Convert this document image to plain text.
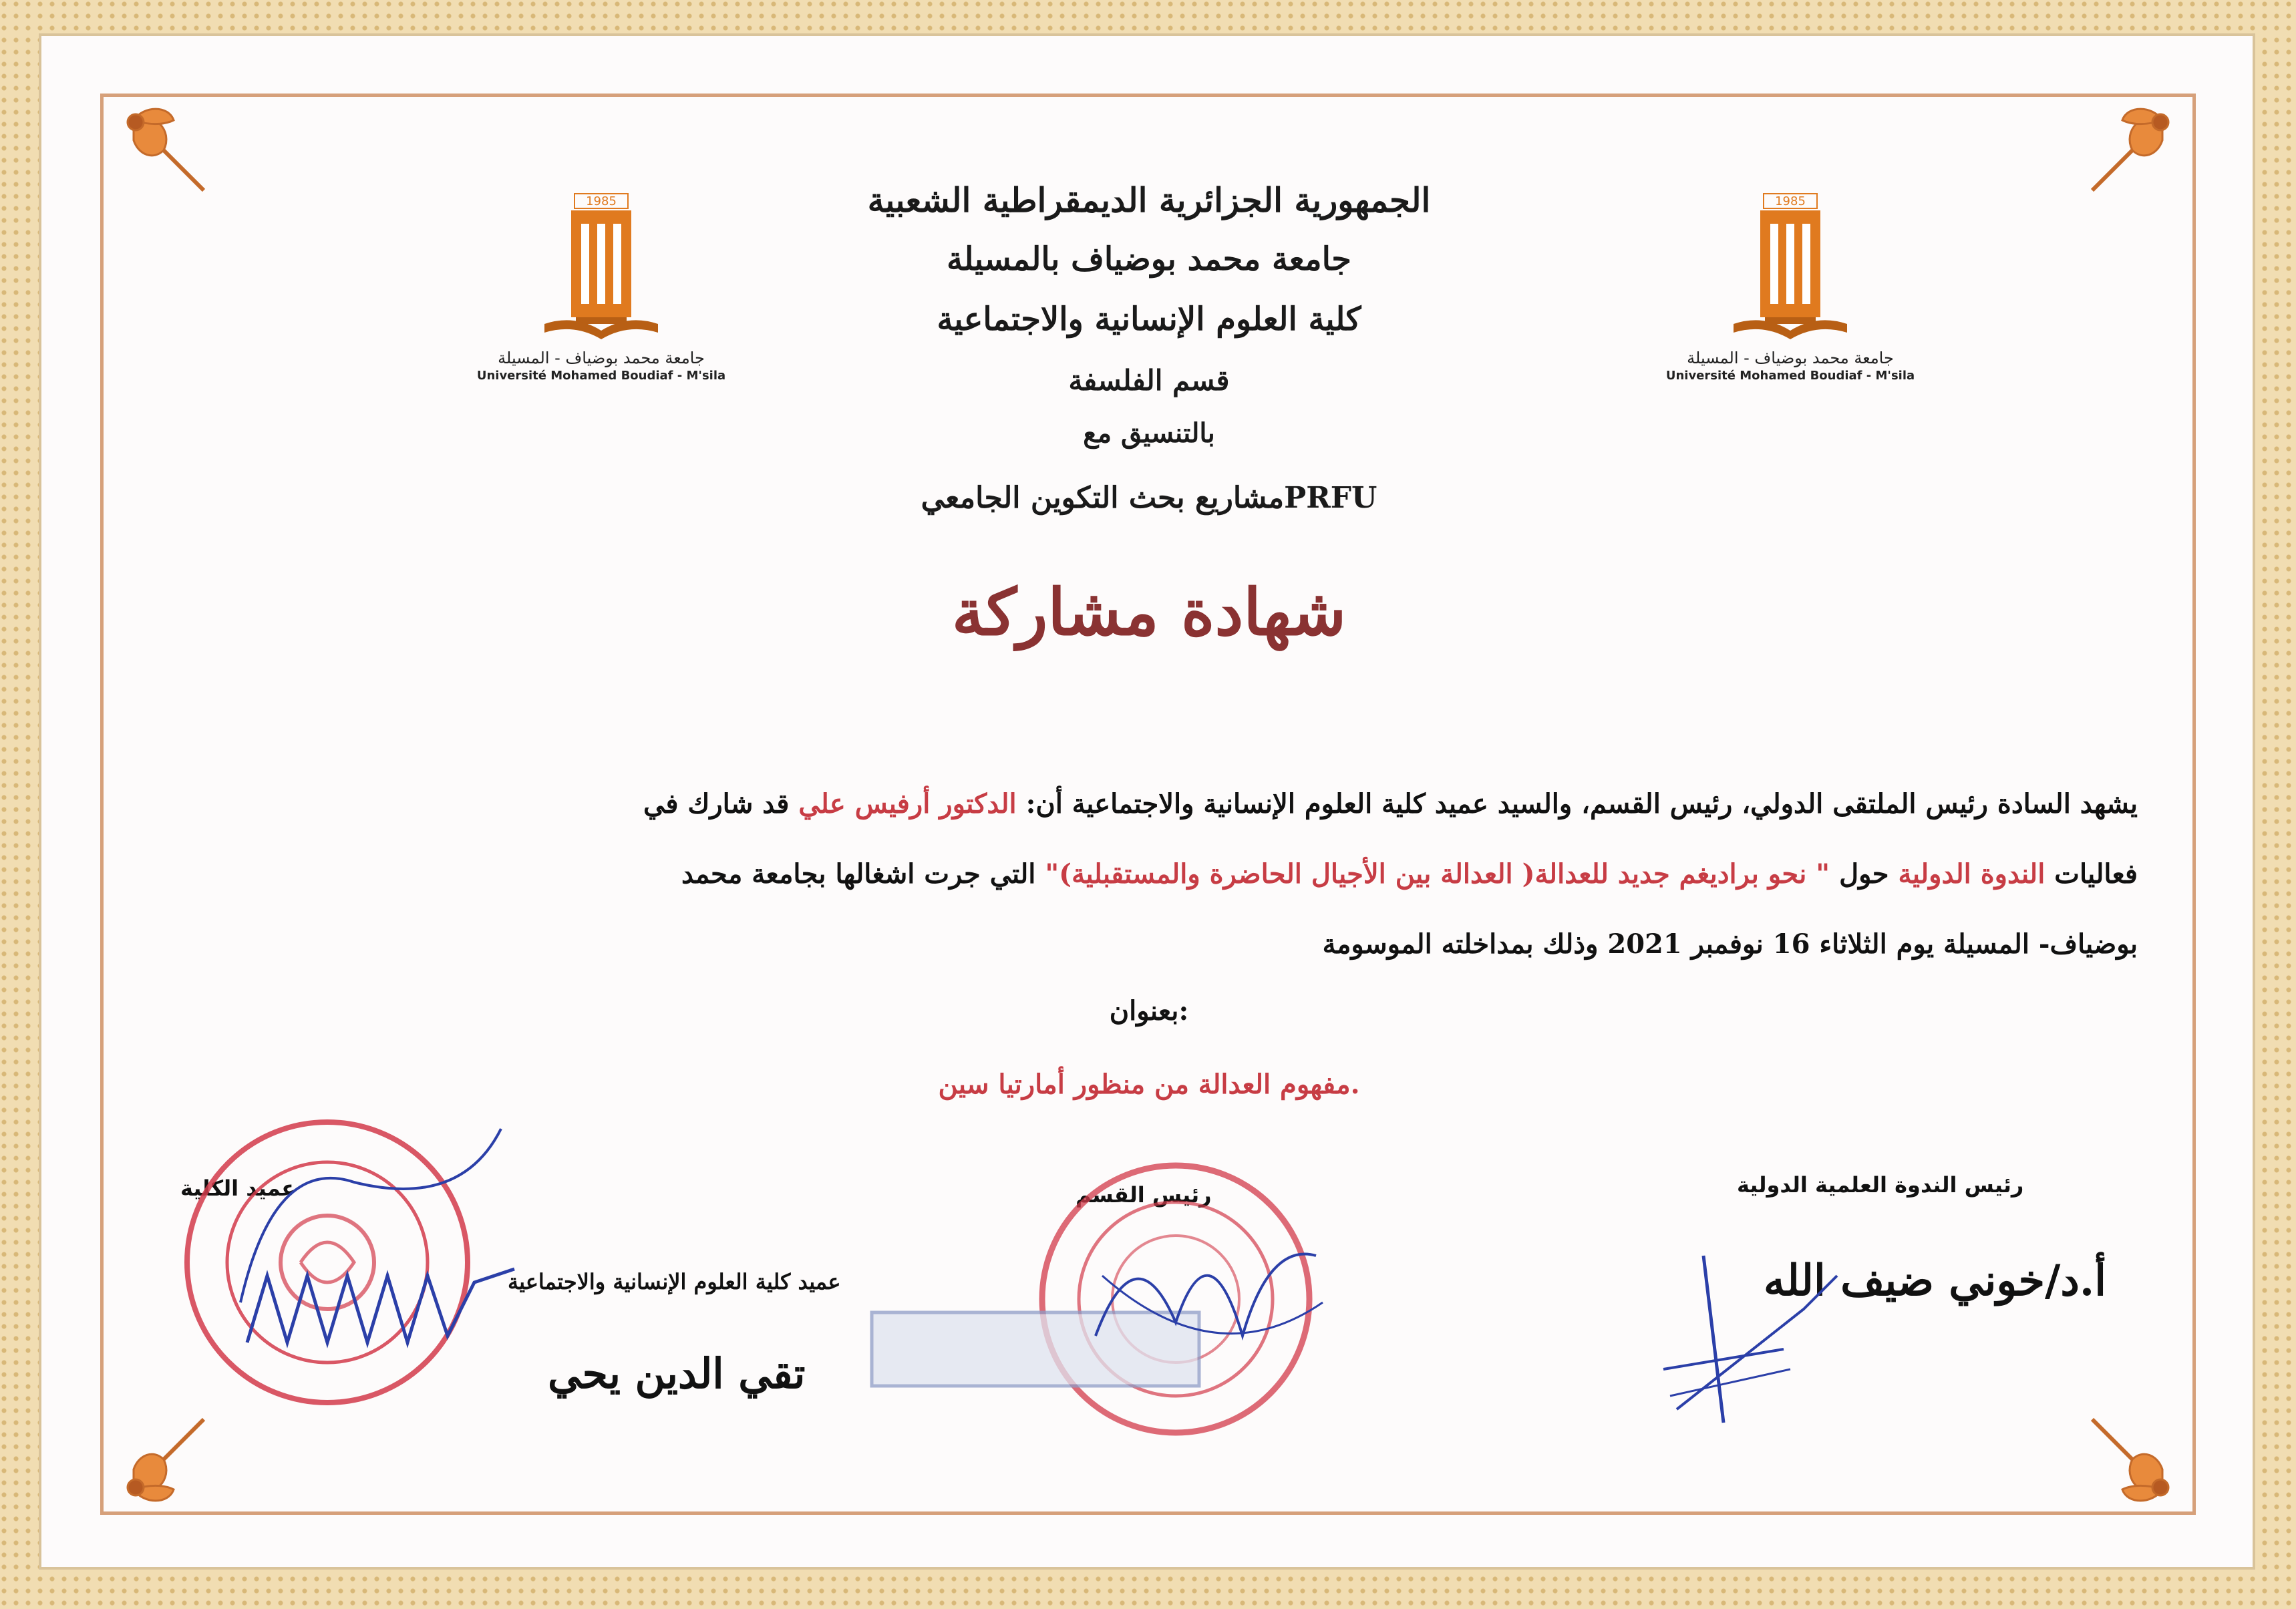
1985
جامعة محمد بوضياف - المسيلة
Université Mohamed Boudiaf - M'sila
1985
جامعة محمد بوضياف - المسيلة
Université Mohamed Boudiaf - M'sila
الجمهورية الجزائرية الديمقراطية الشعبية
جامعة محمد بوضياف بالمسيلة
كلية العلوم الإنسانية والاجتماعية
قسم الفلسفة
بالتنسيق مع
مشاريع بحث التكوين الجامعيPRFU
شهادة مشاركة
يشهد السادة رئيس الملتقى الدولي، رئيس القسم، والسيد عميد كلية العلوم الإنسانية والاجتماعية أن: الدكتور أرفيس علي قد شارك في
فعاليات الندوة الدولية حول " نحو براديغم جديد للعدالة( العدالة بين الأجيال الحاضرة والمستقبلية)" التي جرت اشغالها بجامعة محمد
بوضياف- المسيلة يوم الثلاثاء 16 نوفمبر 2021 وذلك بمداخلته الموسومة
بعنوان:
مفهوم العدالة من منظور أمارتيا سين.
عميد الكلية	رئيس القسم	رئيس الندوة العلمية الدولية
عميد كلية العلوم الإنسانية والاجتماعية
تقي الدين يحي
أ.د/خوني ضيف الله
